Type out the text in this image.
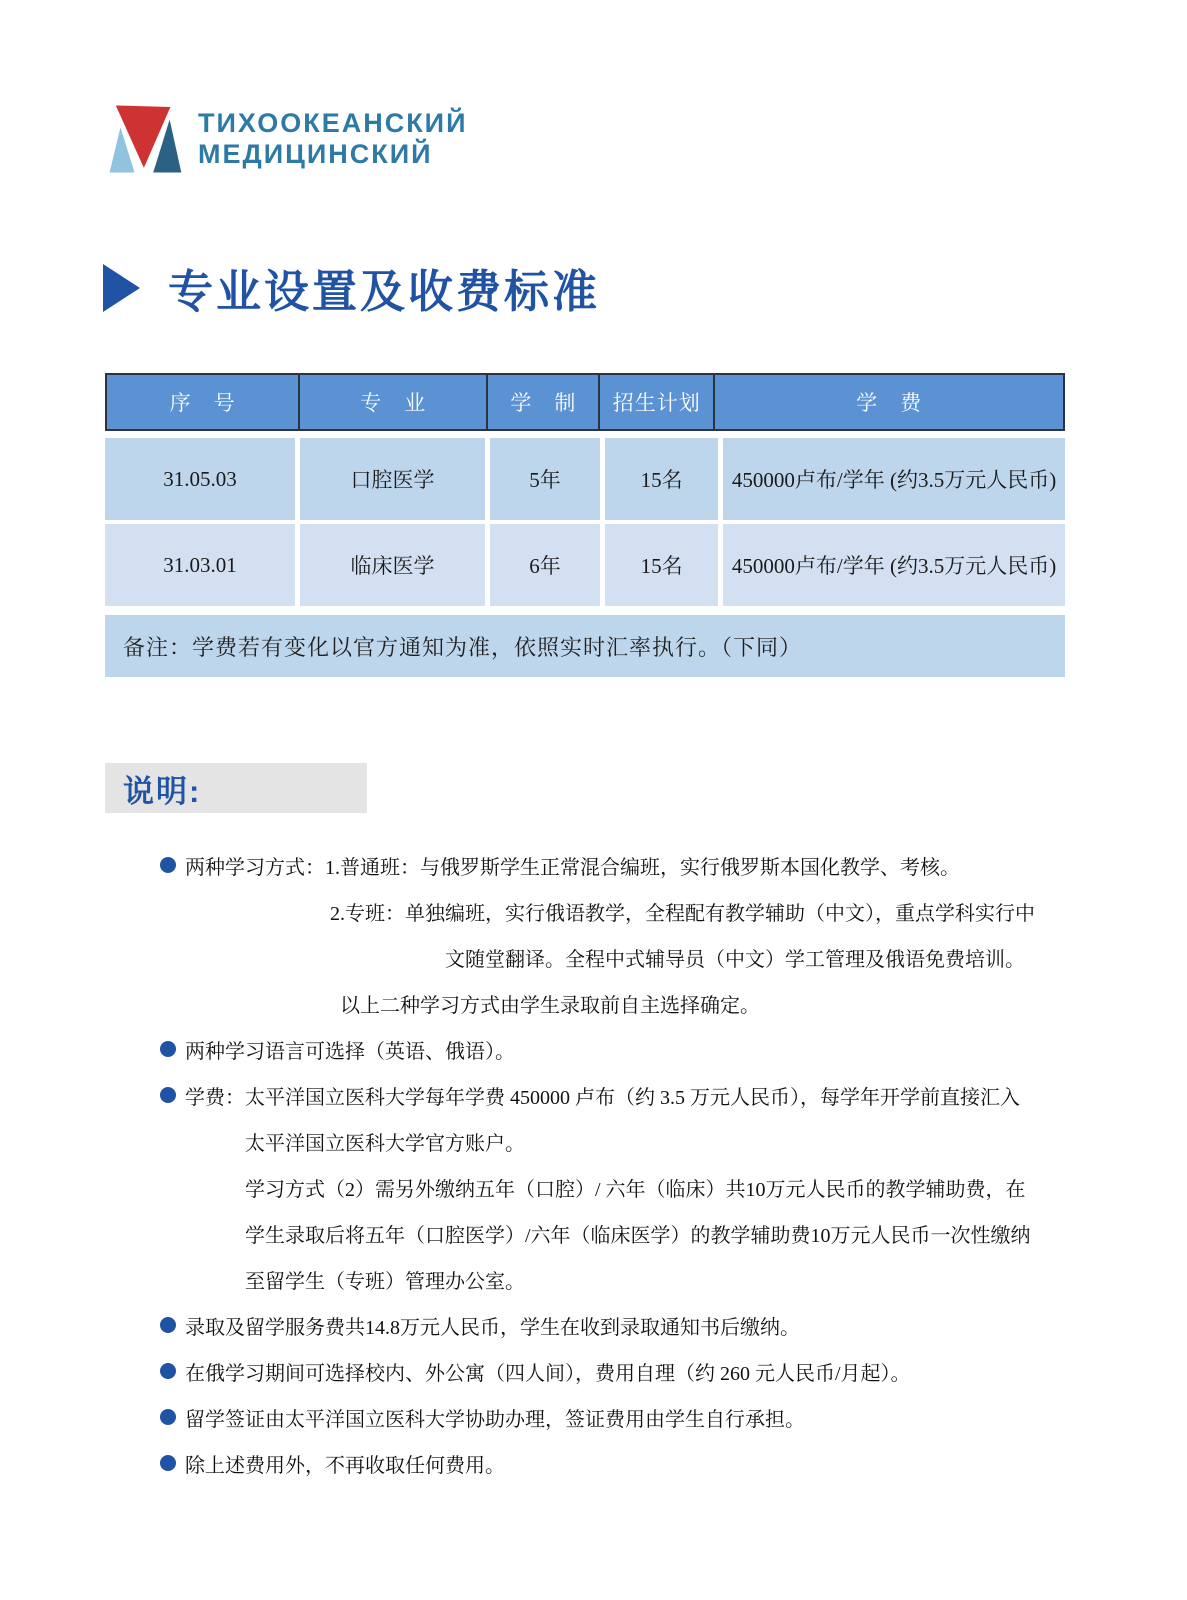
ТИХООКЕАНСКИЙ
МЕДИЦИНСКИЙ
专业设置及收费标准
序　号	专　业	学　制	招生计划	学　费
31.05.03	口腔医学	5年	15名	450000卢布/学年 (约3.5万元人民币)
31.03.01	临床医学	6年	15名	450000卢布/学年 (约3.5万元人民币)
备注：学费若有变化以官方通知为准，依照实时汇率执行。（下同）
说明:
两种学习方式：1.普通班：与俄罗斯学生正常混合编班，实行俄罗斯本国化教学、考核。
2.专班：单独编班，实行俄语教学，全程配有教学辅助（中文），重点学科实行中
文随堂翻译。全程中式辅导员（中文）学工管理及俄语免费培训。
以上二种学习方式由学生录取前自主选择确定。
两种学习语言可选择（英语、俄语）。
学费：太平洋国立医科大学每年学费 450000 卢布（约 3.5 万元人民币），每学年开学前直接汇入
太平洋国立医科大学官方账户。
学习方式（2）需另外缴纳五年（口腔）/ 六年（临床）共10万元人民币的教学辅助费，在
学生录取后将五年（口腔医学）/六年（临床医学）的教学辅助费10万元人民币一次性缴纳
至留学生（专班）管理办公室。
录取及留学服务费共14.8万元人民币，学生在收到录取通知书后缴纳。
在俄学习期间可选择校内、外公寓（四人间），费用自理（约 260 元人民币/月起）。
留学签证由太平洋国立医科大学协助办理，签证费用由学生自行承担。
除上述费用外，不再收取任何费用。
